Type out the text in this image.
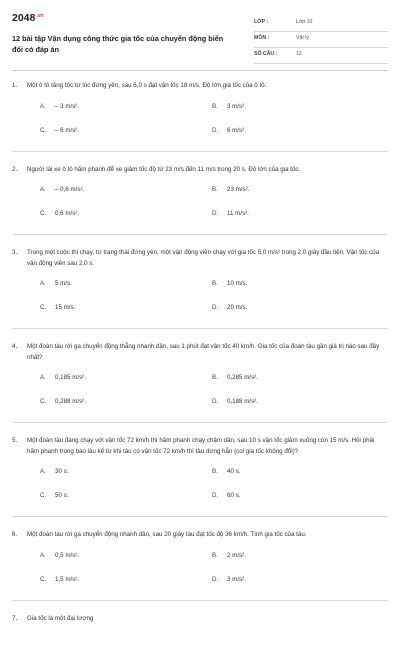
$2048^{.vn}$
12 bài tập Vận dụng công thức gia tốc của chuyển động biến đổi có đáp án
LỚP :	Lớp 10
MÔN :	Vật lý
SỐ CÂU :	12
1. Một ô tô tăng tốc từ lúc đứng yên, sau 6,0 s đạt vận tốc 18 m/s. Độ lớn gia tốc của ô tô.
A. – 3 m/s².	B. 3 m/s².
C. – 6 m/s².	D. 6 m/s².
2. Người lái xe ô tô hãm phanh để xe giảm tốc độ từ 23 m/s đến 11 m/s trong 20 s. Độ lớn của gia tốc.
A. – 0,6 m/s².	B. 23 m/s².
C. 0,6 m/s².	D. 11 m/s².
3. Trong một cuộc thi chạy, từ trạng thái đứng yên, một vận động viên chạy với gia tốc 5,0 m/s² trong 2,0 giây đầu tiên. Vận tốc của vận động viên sau 2,0 s.
A. 5 m/s.	B. 10 m/s.
C. 15 m/s.	D. 20 m/s.
4. Một đoàn tàu rời ga chuyển động thẳng nhanh dần, sau 1 phút đạt vận tốc 40 km/h. Gia tốc của đoàn tàu gần giá trị nào sau đây nhất?
A. 0,185 m/s².	B. 0,285 m/s².
C. 0,288 m/s².	D. 0,188 m/s².
5. Một đoàn tàu đang chạy với vận tốc 72 km/h thì hãm phanh chạy chậm dần, sau 10 s vận tốc giảm xuống còn 15 m/s. Hỏi phải hãm phanh trong bao lâu kể từ khi tàu có vận tốc 72 km/h thì tàu dừng hẳn (coi gia tốc không đổi)?
A. 30 s.	B. 40 s.
C. 50 s.	D. 60 s.
6. Một đoàn tàu rời ga chuyển động nhanh dần, sau 20 giây tàu đạt tốc độ 36 km/h. Tính gia tốc của tàu.
A. 0,5 m/s².	B. 2 m/s².
C. 1,5 m/s².	D. 3 m/s².
7. Gia tốc là một đại lượng
